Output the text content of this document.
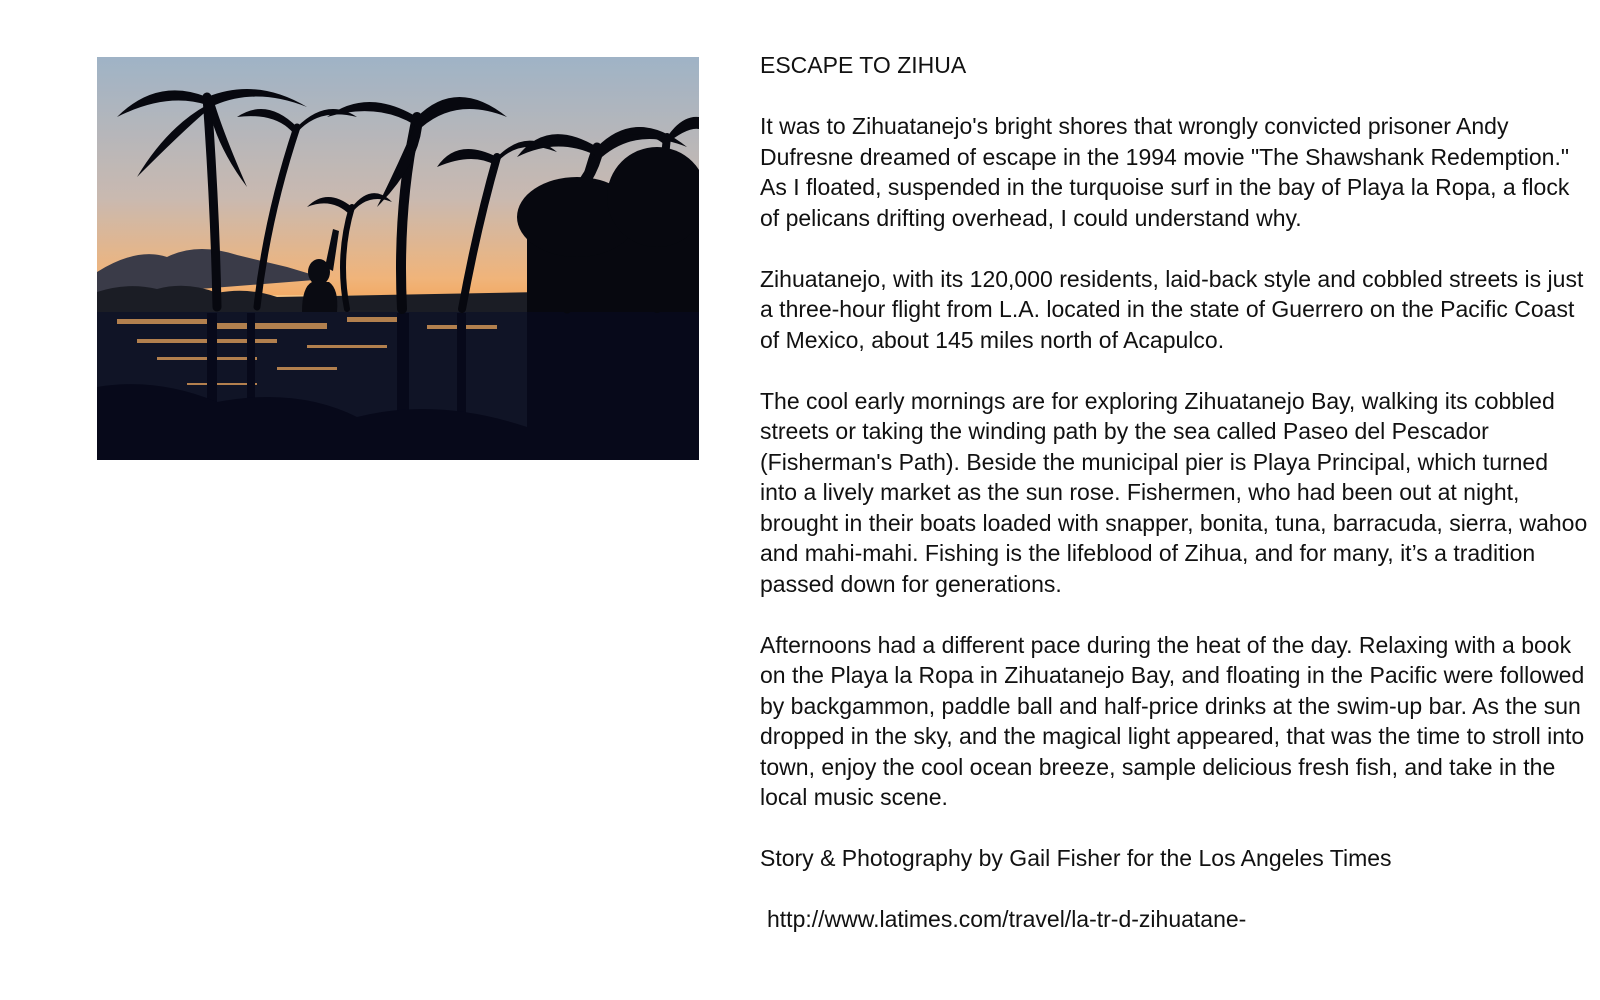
ESCAPE TO ZIHUA

It was to Zihuatanejo's bright shores that wrongly convicted prisoner Andy Dufresne dreamed of escape in the 1994 movie "The Shawshank Redemption." As I floated, suspended in the turquoise surf in the bay of Playa la Ropa, a flock of pelicans drifting overhead, I could understand why.

Zihuatanejo, with its 120,000 residents, laid-back style and cobbled streets is just a three-hour flight from L.A. located in the state of Guerrero on the Pacific Coast of Mexico, about 145 miles north of Acapulco.

The cool early mornings are for exploring Zihuatanejo Bay, walking its cobbled streets or taking the winding path by the sea called Paseo del Pescador (Fisherman's Path). Beside the municipal pier is Playa Principal, which turned into a lively market as the sun rose. Fishermen, who had been out at night, brought in their boats loaded with snapper, bonita, tuna, barracuda, sierra, wahoo and mahi-mahi. Fishing is the lifeblood of Zihua, and for many, it’s a tradition passed down for generations.

Afternoons had a different pace during the heat of the day. Relaxing with a book on the Playa la Ropa in Zihuatanejo Bay, and floating in the Pacific were followed by backgammon, paddle ball and half-price drinks at the swim-up bar. As the sun dropped in the sky, and the magical light appeared, that was the time to stroll into town, enjoy the cool ocean breeze, sample delicious fresh fish, and take in the local music scene.

Story & Photography by Gail Fisher for the Los Angeles Times

http://www.latimes.com/travel/la-tr-d-zihuatane-
